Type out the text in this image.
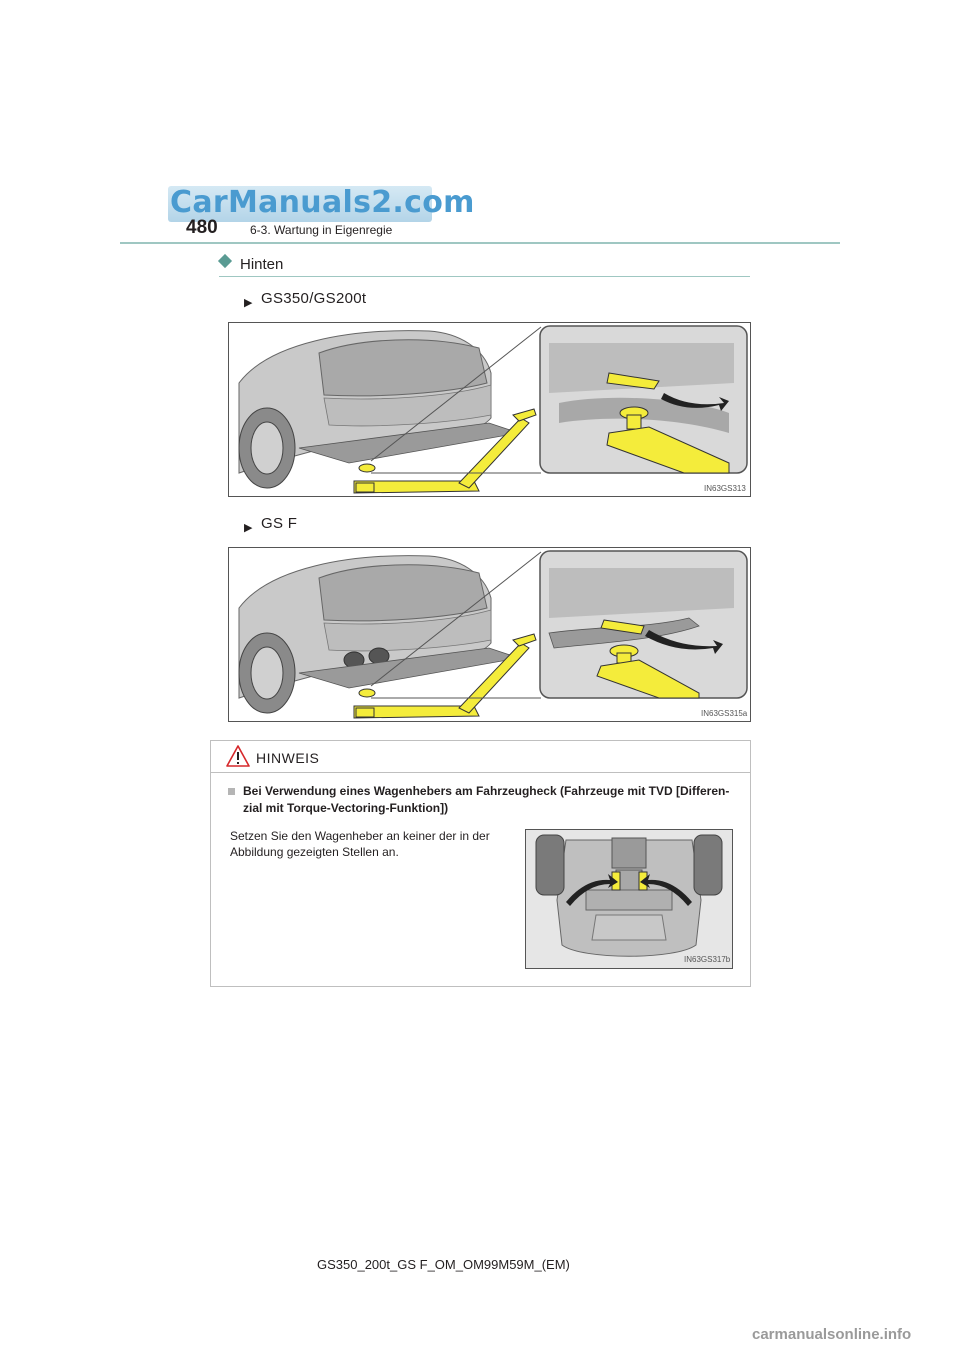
CarManuals2.com
480	6-3. Wartung in Eigenregie
Hinten
▶ GS350/GS200t
IN63GS313
▶ GS F
IN63GS315a
HINWEIS
Bei Verwendung eines Wagenhebers am Fahrzeugheck (Fahrzeuge mit TVD [Differen-
zial mit Torque-Vectoring-Funktion])
Setzen Sie den Wagenheber an keiner der in der
Abbildung gezeigten Stellen an.
IN63GS317b
GS350_200t_GS F_OM_OM99M59M_(EM)
carmanualsonline.info
